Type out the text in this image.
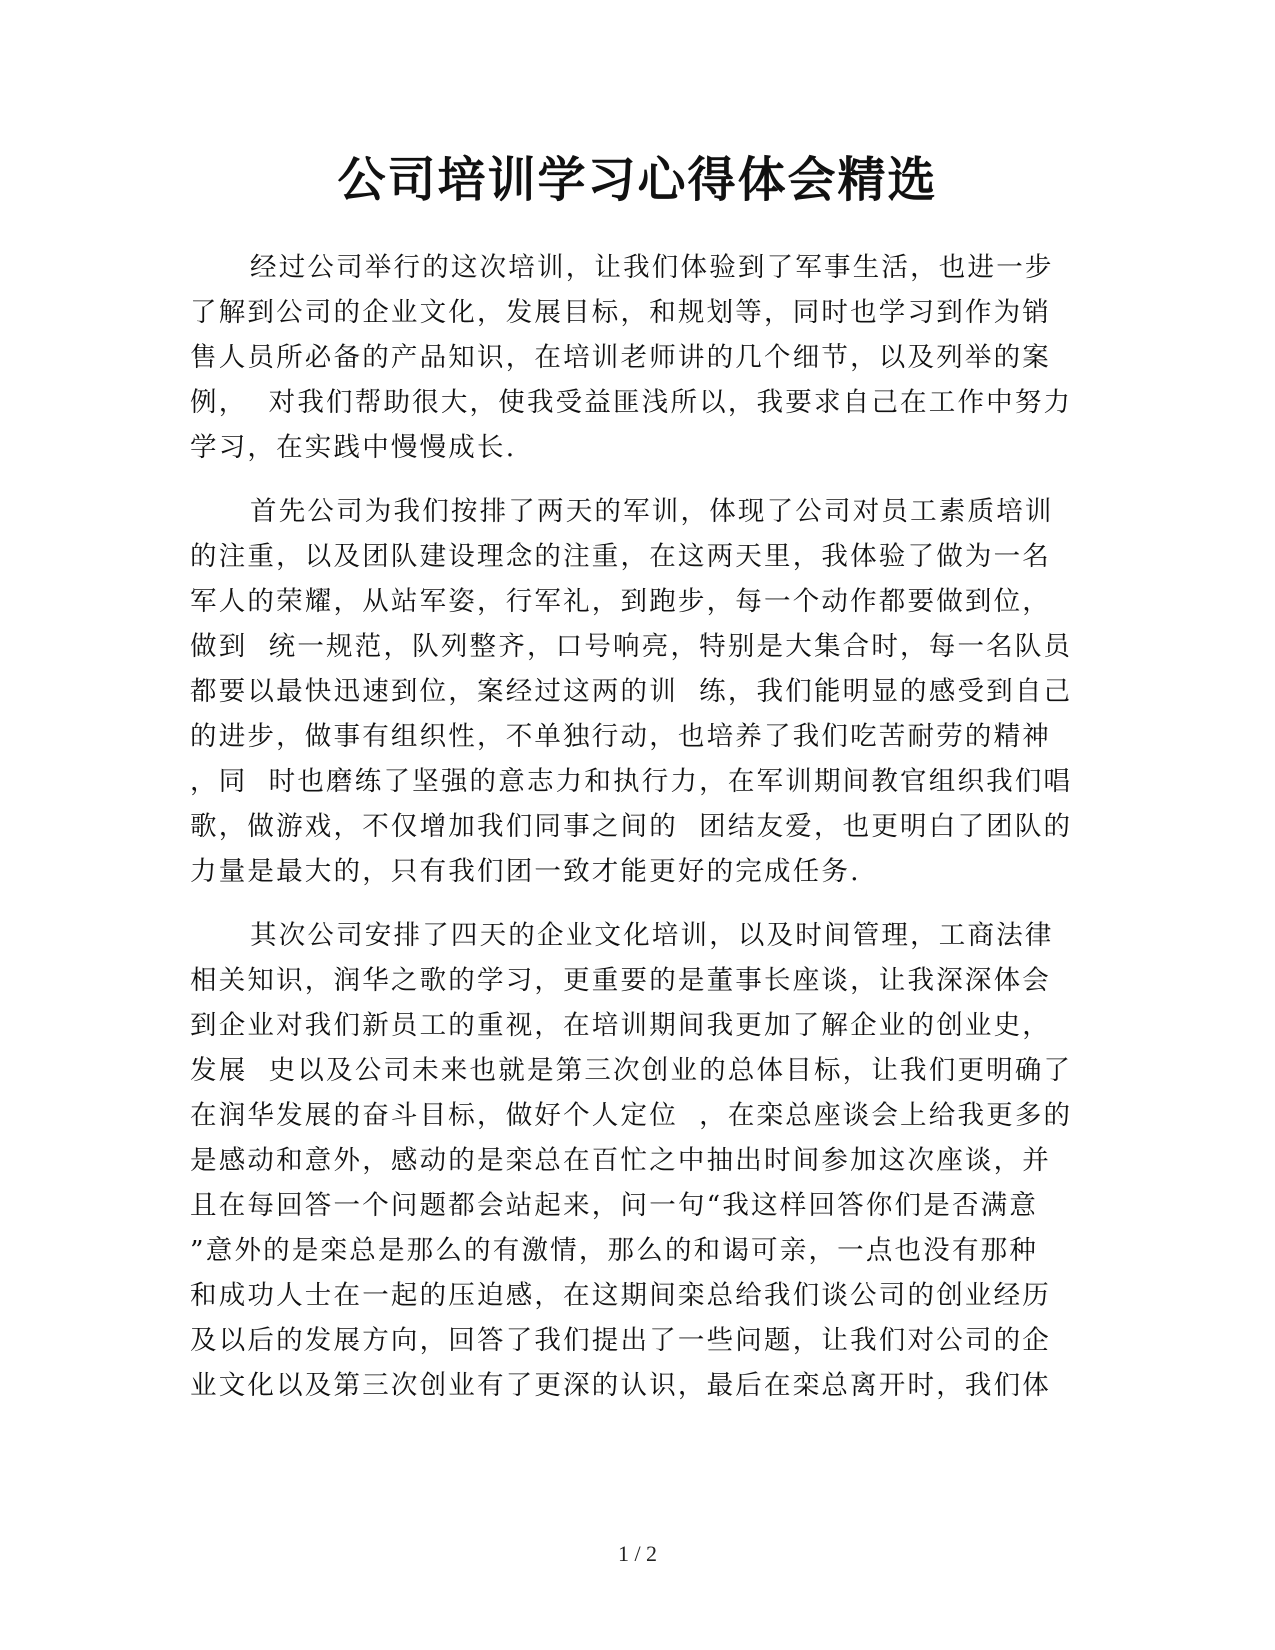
公司培训学习心得体会精选
经过公司举行的这次培训，让我们体验到了军事生活，也进一步
了解到公司的企业文化，发展目标，和规划等，同时也学习到作为销
售人员所必备的产品知识，在培训老师讲的几个细节，以及列举的案
例，  对我们帮助很大，使我受益匪浅所以，我要求自己在工作中努力
学习，在实践中慢慢成长.
首先公司为我们按排了两天的军训，体现了公司对员工素质培训
的注重，以及团队建设理念的注重，在这两天里，我体验了做为一名
军人的荣耀，从站军姿，行军礼，到跑步，每一个动作都要做到位，
做到  统一规范，队列整齐，口号响亮，特别是大集合时，每一名队员
都要以最快迅速到位，案经过这两的训  练，我们能明显的感受到自己
的进步，做事有组织性，不单独行动，也培养了我们吃苦耐劳的精神
，同  时也磨练了坚强的意志力和执行力，在军训期间教官组织我们唱
歌，做游戏，不仅增加我们同事之间的  团结友爱，也更明白了团队的
力量是最大的，只有我们团一致才能更好的完成任务.
其次公司安排了四天的企业文化培训，以及时间管理，工商法律
相关知识，润华之歌的学习，更重要的是董事长座谈，让我深深体会
到企业对我们新员工的重视，在培训期间我更加了解企业的创业史，
发展  史以及公司未来也就是第三次创业的总体目标，让我们更明确了
在润华发展的奋斗目标，做好个人定位  ，在栾总座谈会上给我更多的
是感动和意外，感动的是栾总在百忙之中抽出时间参加这次座谈，并
且在每回答一个问题都会站起来，问一句“我这样回答你们是否满意
”意外的是栾总是那么的有激情，那么的和谒可亲，一点也没有那种
和成功人士在一起的压迫感，在这期间栾总给我们谈公司的创业经历
及以后的发展方向，回答了我们提出了一些问题，让我们对公司的企
业文化以及第三次创业有了更深的认识，最后在栾总离开时，我们体
1 / 2
